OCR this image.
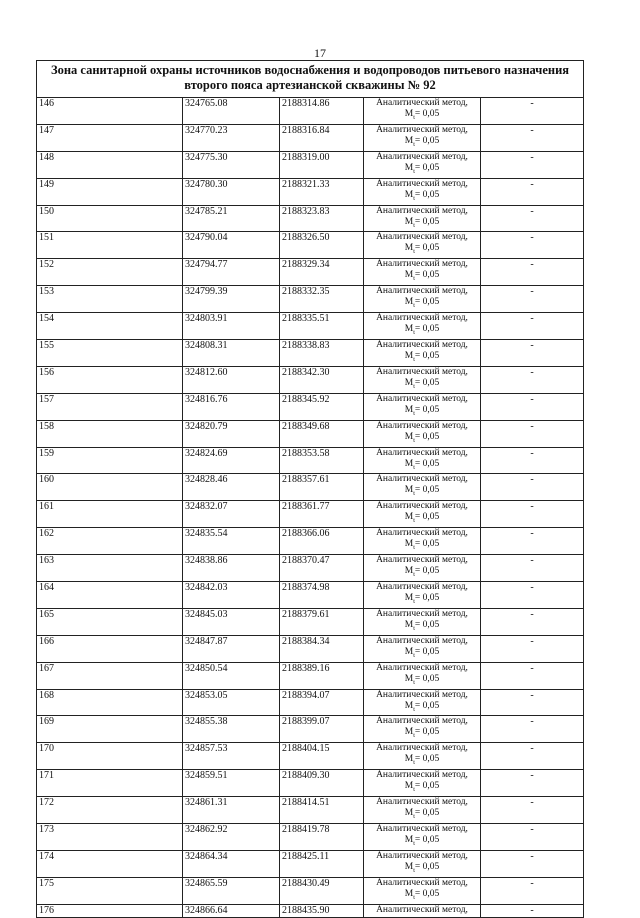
17
Зона санитарной охраны источников водоснабжения и водопроводов питьевого назначения
второго пояса артезианской скважины № 92				

146	324765.08	2188314.86	Аналитический метод,
$M_t= 0,05$	-
147	324770.23	2188316.84	Аналитический метод,
$M_t= 0,05$	-
148	324775.30	2188319.00	Аналитический метод,
$M_t= 0,05$	-
149	324780.30	2188321.33	Аналитический метод,
$M_t= 0,05$	-
150	324785.21	2188323.83	Аналитический метод,
$M_t= 0,05$	-
151	324790.04	2188326.50	Аналитический метод,
$M_t= 0,05$	-
152	324794.77	2188329.34	Аналитический метод,
$M_t= 0,05$	-
153	324799.39	2188332.35	Аналитический метод,
$M_t= 0,05$	-
154	324803.91	2188335.51	Аналитический метод,
$M_t= 0,05$	-
155	324808.31	2188338.83	Аналитический метод,
$M_t= 0,05$	-
156	324812.60	2188342.30	Аналитический метод,
$M_t= 0,05$	-
157	324816.76	2188345.92	Аналитический метод,
$M_t= 0,05$	-
158	324820.79	2188349.68	Аналитический метод,
$M_t= 0,05$	-
159	324824.69	2188353.58	Аналитический метод,
$M_t= 0,05$	-
160	324828.46	2188357.61	Аналитический метод,
$M_t= 0,05$	-
161	324832.07	2188361.77	Аналитический метод,
$M_t= 0,05$	-
162	324835.54	2188366.06	Аналитический метод,
$M_t= 0,05$	-
163	324838.86	2188370.47	Аналитический метод,
$M_t= 0,05$	-
164	324842.03	2188374.98	Аналитический метод,
$M_t= 0,05$	-
165	324845.03	2188379.61	Аналитический метод,
$M_t= 0,05$	-
166	324847.87	2188384.34	Аналитический метод,
$M_t= 0,05$	-
167	324850.54	2188389.16	Аналитический метод,
$M_t= 0,05$	-
168	324853.05	2188394.07	Аналитический метод,
$M_t= 0,05$	-
169	324855.38	2188399.07	Аналитический метод,
$M_t= 0,05$	-
170	324857.53	2188404.15	Аналитический метод,
$M_t= 0,05$	-
171	324859.51	2188409.30	Аналитический метод,
$M_t= 0,05$	-
172	324861.31	2188414.51	Аналитический метод,
$M_t= 0,05$	-
173	324862.92	2188419.78	Аналитический метод,
$M_t= 0,05$	-
174	324864.34	2188425.11	Аналитический метод,
$M_t= 0,05$	-
175	324865.59	2188430.49	Аналитический метод,
$M_t= 0,05$	-
176	324866.64	2188435.90	Аналитический метод,	-
